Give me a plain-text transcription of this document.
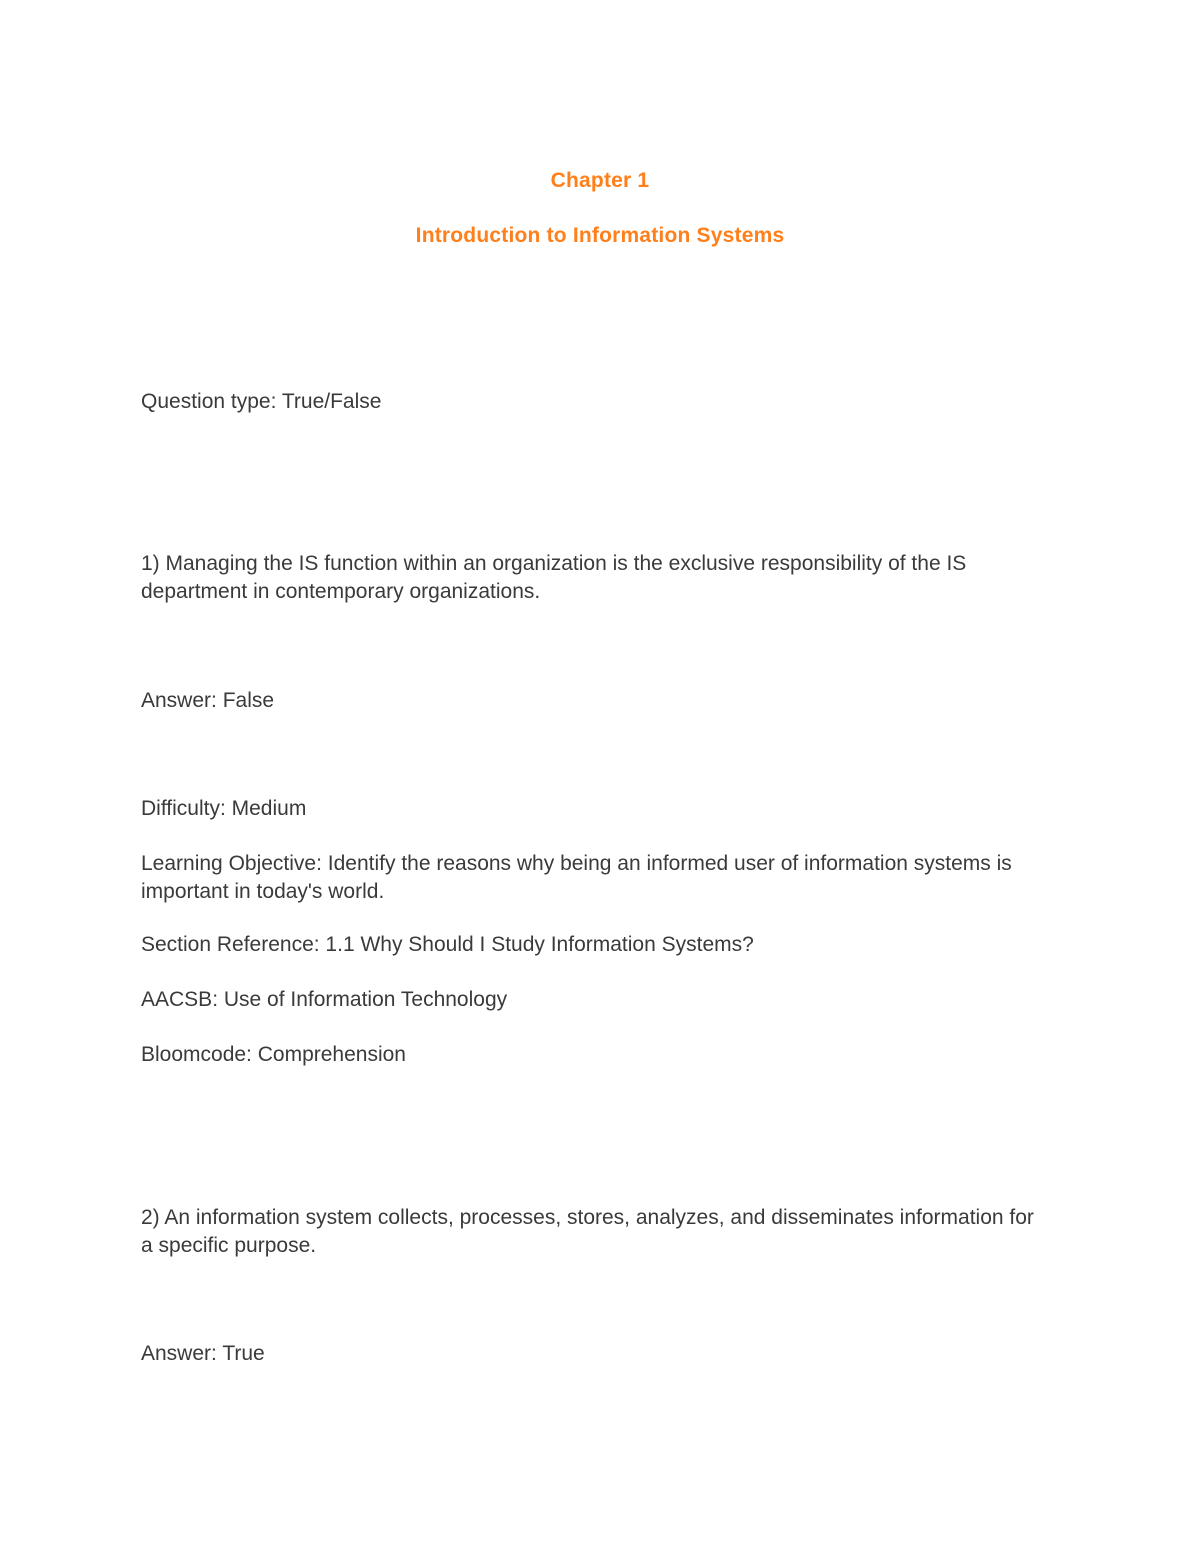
Chapter 1
Introduction to Information Systems
Question type: True/False
1) Managing the IS function within an organization is the exclusive responsibility of the IS department in contemporary organizations.
Answer: False
Difficulty: Medium
Learning Objective: Identify the reasons why being an informed user of information systems is important in today's world.
Section Reference: 1.1 Why Should I Study Information Systems?
AACSB: Use of Information Technology
Bloomcode: Comprehension
2) An information system collects, processes, stores, analyzes, and disseminates information for a specific purpose.
Answer: True
